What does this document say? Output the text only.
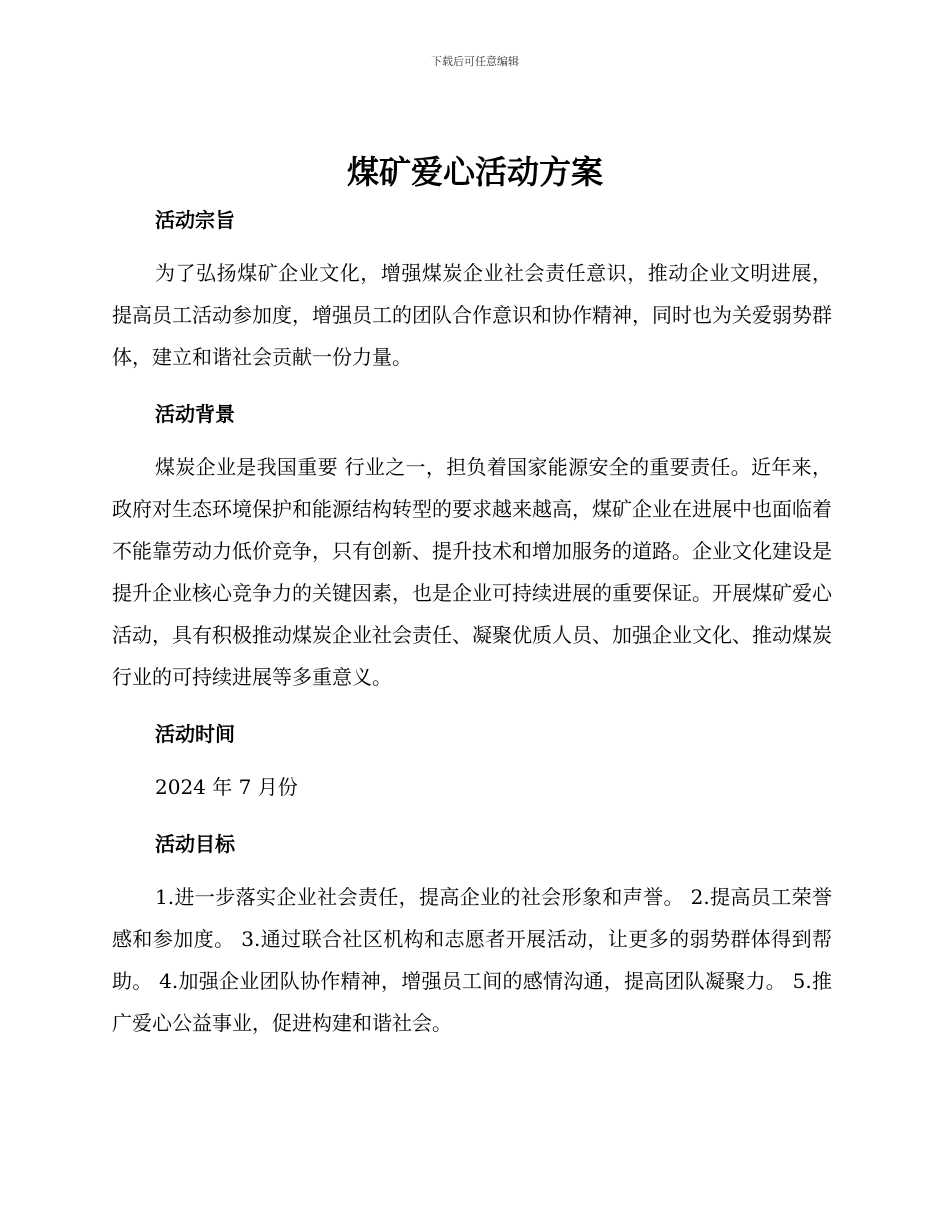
下载后可任意编辑
煤矿爱心活动方案
活动宗旨

为了弘扬煤矿企业文化，增强煤炭企业社会责任意识，推动企业文明进展，提高员工活动参加度，增强员工的团队合作意识和协作精神，同时也为关爱弱势群体，建立和谐社会贡献一份力量。

活动背景

煤炭企业是我国重要 行业之一，担负着国家能源安全的重要责任。近年来，政府对生态环境保护和能源结构转型的要求越来越高，煤矿企业在进展中也面临着不能靠劳动力低价竞争，只有创新、提升技术和增加服务的道路。企业文化建设是提升企业核心竞争力的关键因素，也是企业可持续进展的重要保证。开展煤矿爱心活动，具有积极推动煤炭企业社会责任、凝聚优质人员、加强企业文化、推动煤炭行业的可持续进展等多重意义。

活动时间

2024 年 7 月份

活动目标

1.进一步落实企业社会责任，提高企业的社会形象和声誉。 2.提高员工荣誉感和参加度。 3.通过联合社区机构和志愿者开展活动，让更多的弱势群体得到帮助。 4.加强企业团队协作精神，增强员工间的感情沟通，提高团队凝聚力。 5.推广爱心公益事业，促进构建和谐社会。
